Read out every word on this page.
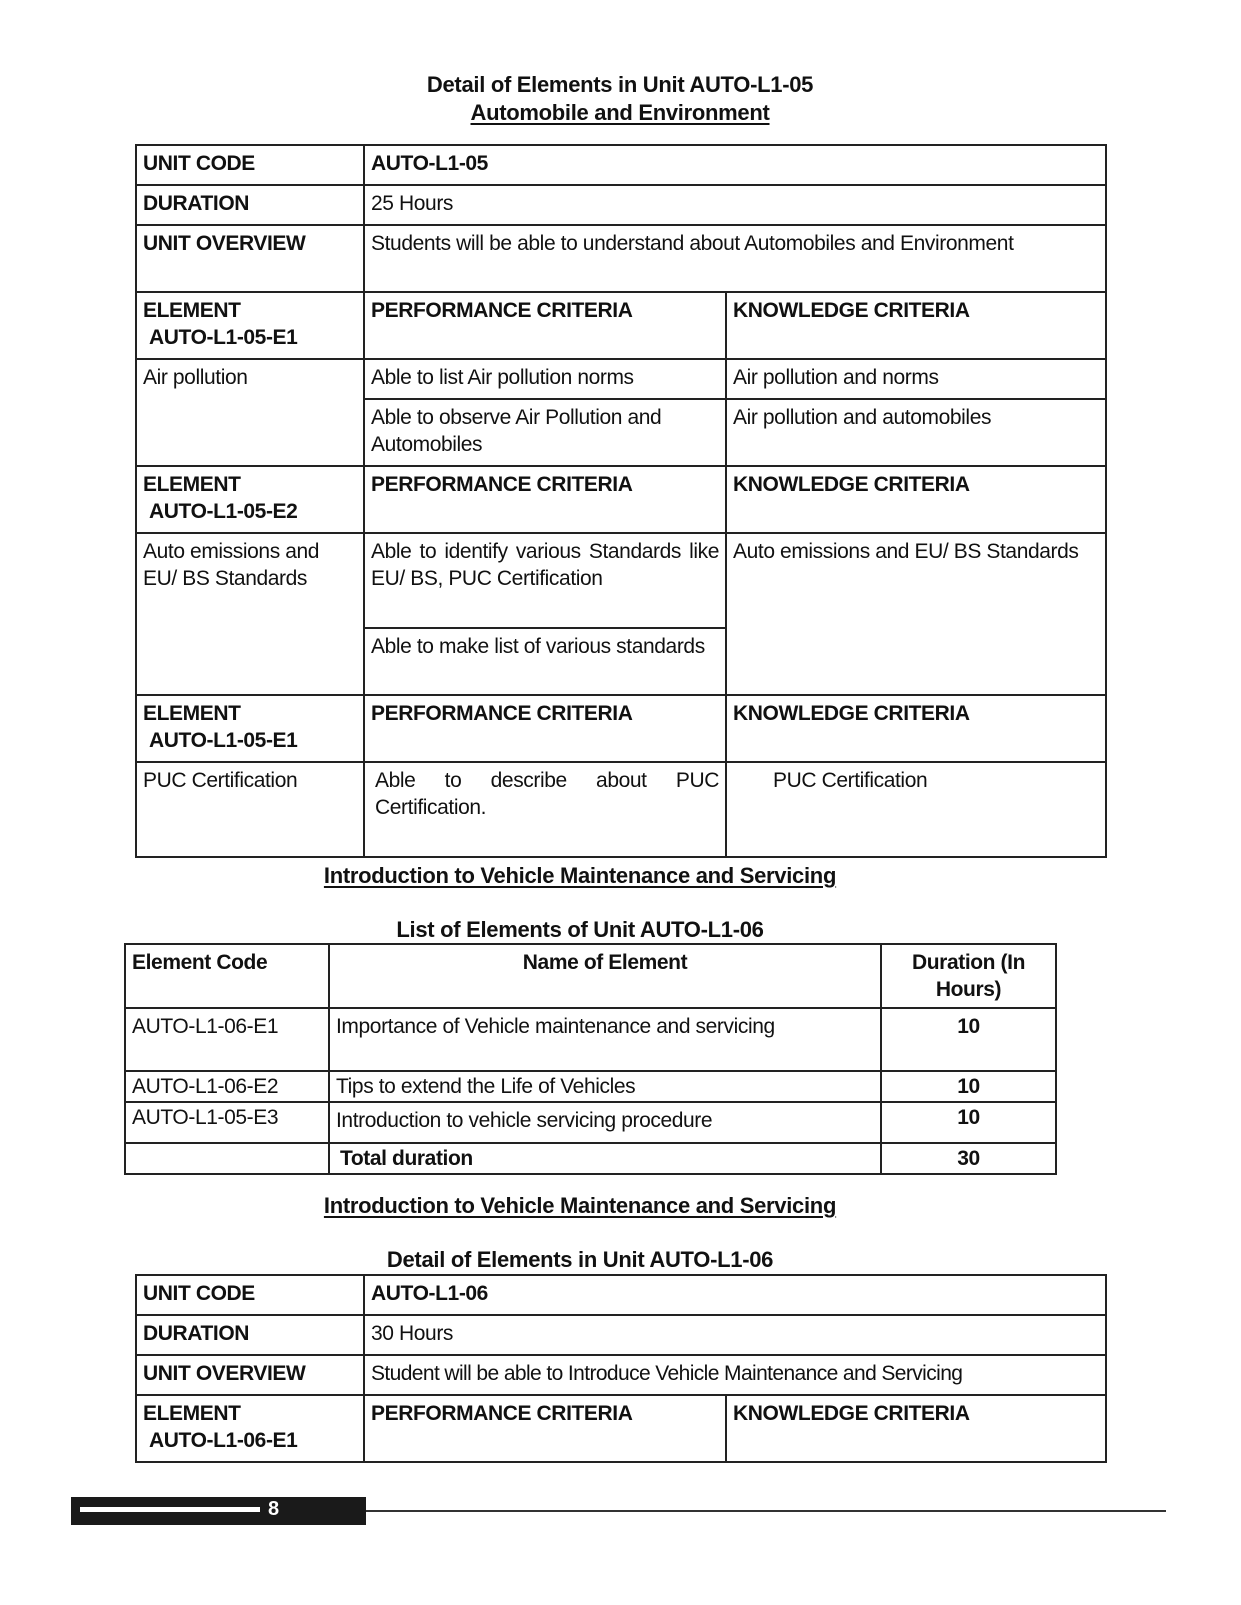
Detail of Elements in Unit AUTO-L1-05
Automobile and Environment
UNIT CODE	AUTO-L1-05	
DURATION	25 Hours	
UNIT OVERVIEW	Students will be able to understand about Automobiles and Environment	

ELEMENT
AUTO-L1-05-E1	PERFORMANCE CRITERIA	KNOWLEDGE CRITERIA
Air pollution	Able to list Air pollution norms	Air pollution and norms
	Able to observe Air Pollution and Automobiles	Air pollution and automobiles

ELEMENT
AUTO-L1-05-E2	PERFORMANCE CRITERIA	KNOWLEDGE CRITERIA
Auto emissions and EU/ BS Standards	Able to identify various Standards like EU/ BS, PUC Certification	Auto emissions and EU/ BS Standards
	Able to make list of various standards	

ELEMENT
AUTO-L1-05-E1	PERFORMANCE CRITERIA	KNOWLEDGE CRITERIA
PUC Certification	Able to describe about PUC Certification.	PUC Certification
Introduction to Vehicle Maintenance and Servicing
List of Elements of Unit AUTO-L1-06
Element Code	Name of Element	Duration (In Hours)
AUTO-L1-06-E1	Importance of Vehicle maintenance and servicing	10
AUTO-L1-06-E2	Tips to extend the Life of Vehicles	10
AUTO-L1-05-E3	Introduction to vehicle servicing procedure	10
	Total duration	30
Introduction to Vehicle Maintenance and Servicing
Detail of Elements in Unit AUTO-L1-06
UNIT CODE	AUTO-L1-06	
DURATION	30 Hours	
UNIT OVERVIEW	Student will be able to Introduce Vehicle Maintenance and Servicing	

ELEMENT
AUTO-L1-06-E1	PERFORMANCE CRITERIA	KNOWLEDGE CRITERIA
8
